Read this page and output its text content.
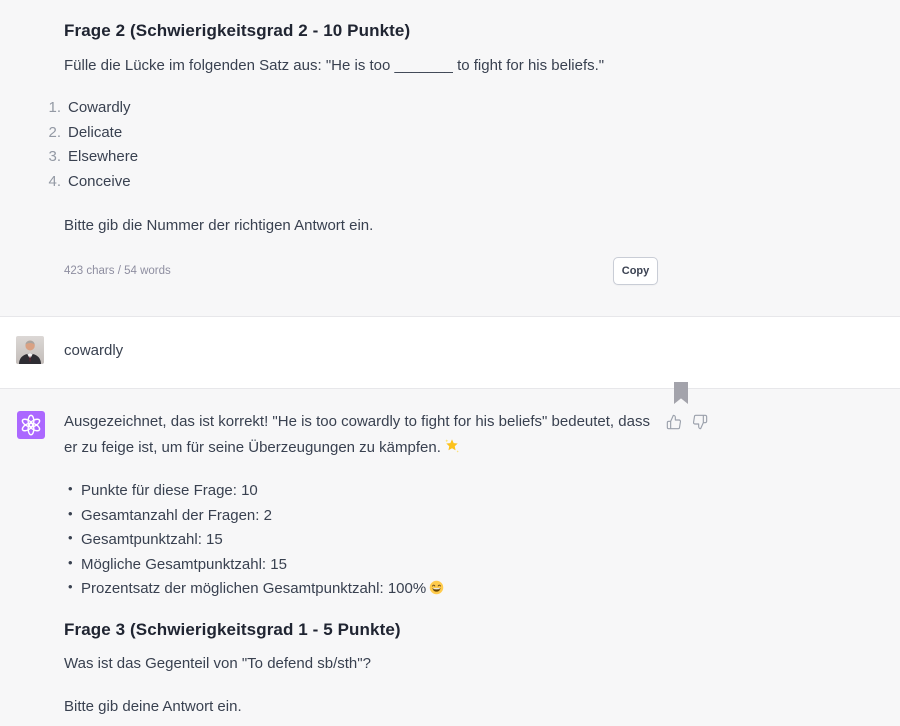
Frage 2 (Schwierigkeitsgrad 2 - 10 Punkte)

Fülle die Lücke im folgenden Satz aus: "He is too _______ to fight for his beliefs."

1. Cowardly
2. Delicate
3. Elsewhere
4. Conceive

Bitte gib die Nummer der richtigen Antwort ein.

423 chars / 54 words	Copy
cowardly

Ausgezeichnet, das ist korrekt! "He is too cowardly to fight for his beliefs" bedeutet, dass er zu feige ist, um für seine Überzeugungen zu kämpfen.

• Punkte für diese Frage: 10
• Gesamtanzahl der Fragen: 2
• Gesamtpunktzahl: 15
• Mögliche Gesamtpunktzahl: 15
• Prozentsatz der möglichen Gesamtpunktzahl: 100%
Frage 3 (Schwierigkeitsgrad 1 - 5 Punkte)

Was ist das Gegenteil von "To defend sb/sth"?

Bitte gib deine Antwort ein.
